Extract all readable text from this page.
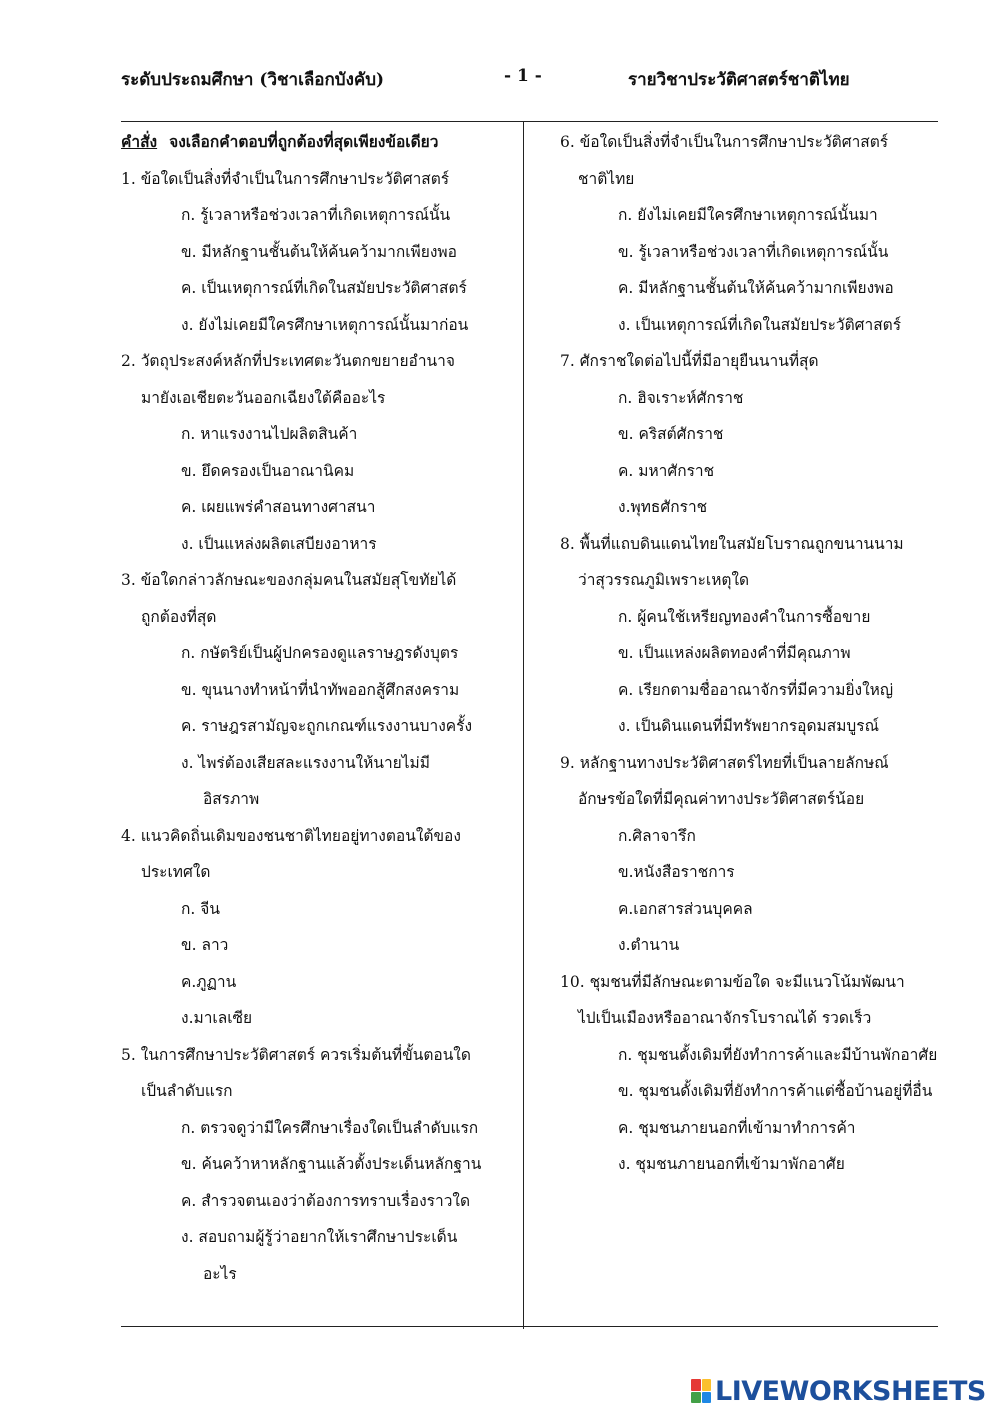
ระดับประถมศึกษา (วิชาเลือกบังคับ)	- 1 -	รายวิชาประวัติศาสตร์ชาติไทย
คำสั่ง จงเลือกคำตอบที่ถูกต้องที่สุดเพียงข้อเดียว
1. ข้อใดเป็นสิ่งที่จำเป็นในการศึกษาประวัติศาสตร์
ก. รู้เวลาหรือช่วงเวลาที่เกิดเหตุการณ์นั้น
ข. มีหลักฐานชั้นต้นให้ค้นคว้ามากเพียงพอ
ค. เป็นเหตุการณ์ที่เกิดในสมัยประวัติศาสตร์
ง. ยังไม่เคยมีใครศึกษาเหตุการณ์นั้นมาก่อน
2. วัตถุประสงค์หลักที่ประเทศตะวันตกขยายอำนาจ
มายังเอเชียตะวันออกเฉียงใต้คืออะไร
ก. หาแรงงานไปผลิตสินค้า
ข. ยึดครองเป็นอาณานิคม
ค. เผยแพร่คำสอนทางศาสนา
ง. เป็นแหล่งผลิตเสบียงอาหาร
3. ข้อใดกล่าวลักษณะของกลุ่มคนในสมัยสุโขทัยได้
ถูกต้องที่สุด
ก. กษัตริย์เป็นผู้ปกครองดูแลราษฎรดังบุตร
ข. ขุนนางทำหน้าที่นำทัพออกสู้ศึกสงคราม
ค. ราษฎรสามัญจะถูกเกณฑ์แรงงานบางครั้ง
ง. ไพร่ต้องเสียสละแรงงานให้นายไม่มี
อิสรภาพ
4. แนวคิดถิ่นเดิมของชนชาติไทยอยู่ทางตอนใต้ของ
ประเทศใด
ก. จีน
ข. ลาว
ค.ภูฏาน
ง.มาเลเซีย
5. ในการศึกษาประวัติศาสตร์ ควรเริ่มต้นที่ขั้นตอนใด
เป็นลำดับแรก
ก. ตรวจดูว่ามีใครศึกษาเรื่องใดเป็นลำดับแรก
ข. ค้นคว้าหาหลักฐานแล้วตั้งประเด็นหลักฐาน
ค. สำรวจตนเองว่าต้องการทราบเรื่องราวใด
ง. สอบถามผู้รู้ว่าอยากให้เราศึกษาประเด็น
อะไร
6. ข้อใดเป็นสิ่งที่จำเป็นในการศึกษาประวัติศาสตร์
ชาติไทย
ก. ยังไม่เคยมีใครศึกษาเหตุการณ์นั้นมา
ข. รู้เวลาหรือช่วงเวลาที่เกิดเหตุการณ์นั้น
ค. มีหลักฐานชั้นต้นให้ค้นคว้ามากเพียงพอ
ง. เป็นเหตุการณ์ที่เกิดในสมัยประวัติศาสตร์
7. ศักราชใดต่อไปนี้ที่มีอายุยืนนานที่สุด
ก. ฮิจเราะห์ศักราช
ข. คริสต์ศักราช
ค. มหาศักราช
ง.พุทธศักราช
8. พื้นที่แถบดินแดนไทยในสมัยโบราณถูกขนานนาม
ว่าสุวรรณภูมิเพราะเหตุใด
ก. ผู้คนใช้เหรียญทองคำในการซื้อขาย
ข. เป็นแหล่งผลิตทองคำที่มีคุณภาพ
ค. เรียกตามชื่ออาณาจักรที่มีความยิ่งใหญ่
ง. เป็นดินแดนที่มีทรัพยากรอุดมสมบูรณ์
9. หลักฐานทางประวัติศาสตร์ไทยที่เป็นลายลักษณ์
อักษรข้อใดที่มีคุณค่าทางประวัติศาสตร์น้อย
ก.ศิลาจารึก
ข.หนังสือราชการ
ค.เอกสารส่วนบุคคล
ง.ตำนาน
10. ชุมชนที่มีลักษณะตามข้อใด จะมีแนวโน้มพัฒนา
ไปเป็นเมืองหรืออาณาจักรโบราณได้ รวดเร็ว
ก. ชุมชนดั้งเดิมที่ยังทำการค้าและมีบ้านพักอาศัย
ข. ชุมชนดั้งเดิมที่ยังทำการค้าแต่ซื้อบ้านอยู่ที่อื่น
ค. ชุมชนภายนอกที่เข้ามาทำการค้า
ง. ชุมชนภายนอกที่เข้ามาพักอาศัย
LIVEWORKSHEETS
